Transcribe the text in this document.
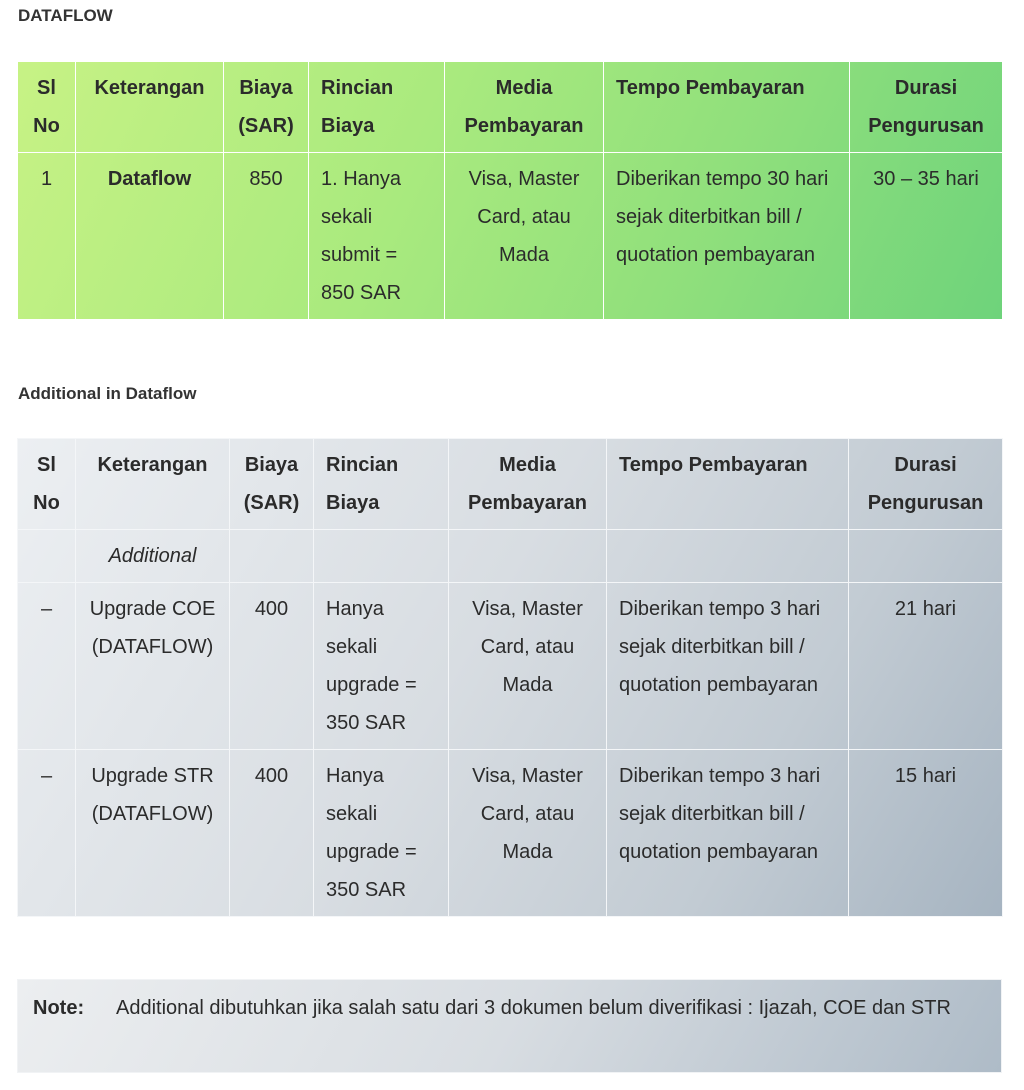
DATAFLOW
Sl No	Keterangan	Biaya (SAR)	Rincian Biaya	Media Pembayaran	Tempo Pembayaran	Durasi Pengurusan
1	Dataflow	850	1. Hanya sekali submit = 850 SAR	Visa, Master Card, atau Mada	Diberikan tempo 30 hari sejak diterbitkan bill / quotation pembayaran	30 – 35 hari
Additional in Dataflow
Sl No	Keterangan	Biaya (SAR)	Rincian Biaya	Media Pembayaran	Tempo Pembayaran	Durasi Pengurusan
	Additional					
–	Upgrade COE (DATAFLOW)	400	Hanya sekali upgrade = 350 SAR	Visa, Master Card, atau Mada	Diberikan tempo 3 hari sejak diterbitkan bill / quotation pembayaran	21 hari
–	Upgrade STR (DATAFLOW)	400	Hanya sekali upgrade = 350 SAR	Visa, Master Card, atau Mada	Diberikan tempo 3 hari sejak diterbitkan bill / quotation pembayaran	15 hari
Note: Additional dibutuhkan jika salah satu dari 3 dokumen belum diverifikasi : Ijazah, COE dan STR
